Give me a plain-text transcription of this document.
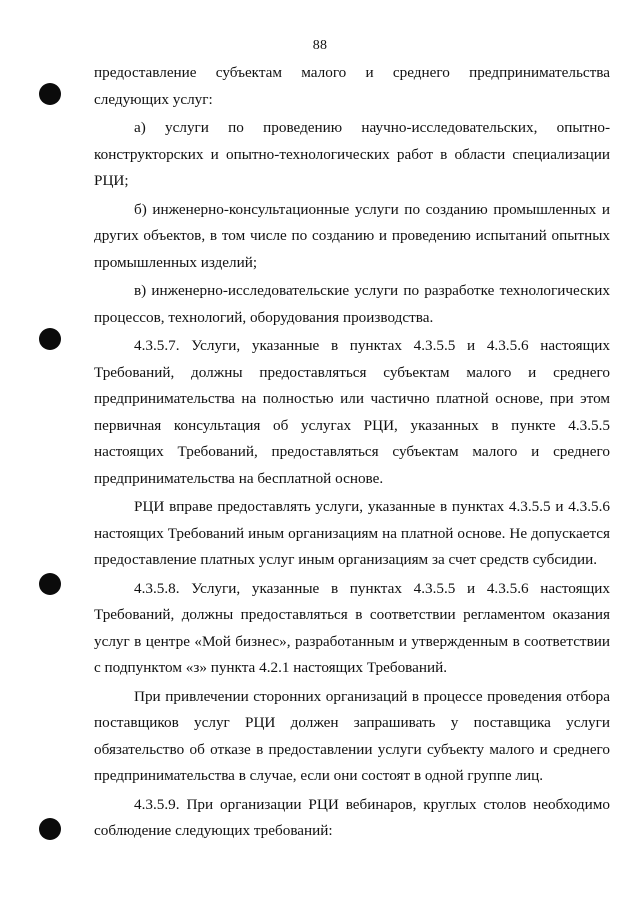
88

предоставление субъектам малого и среднего предпринимательства следующих услуг:

а) услуги по проведению научно-исследовательских, опытно-конструкторских и опытно-технологических работ в области специализации РЦИ;

б) инженерно-консультационные услуги по созданию промышленных и других объектов, в том числе по созданию и проведению испытаний опытных промышленных изделий;

в) инженерно-исследовательские услуги по разработке технологических процессов, технологий, оборудования производства.

4.3.5.7. Услуги, указанные в пунктах 4.3.5.5 и 4.3.5.6 настоящих Требований, должны предоставляться субъектам малого и среднего предпринимательства на полностью или частично платной основе, при этом первичная консультация об услугах РЦИ, указанных в пункте 4.3.5.5 настоящих Требований, предоставляться субъектам малого и среднего предпринимательства на бесплатной основе.

РЦИ вправе предоставлять услуги, указанные в пунктах 4.3.5.5 и 4.3.5.6 настоящих Требований иным организациям на платной основе. Не допускается предоставление платных услуг иным организациям за счет средств субсидии.

4.3.5.8. Услуги, указанные в пунктах 4.3.5.5 и 4.3.5.6 настоящих Требований, должны предоставляться в соответствии регламентом оказания услуг в центре «Мой бизнес», разработанным и утвержденным в соответствии с подпунктом «з» пункта 4.2.1 настоящих Требований.

При привлечении сторонних организаций в процессе проведения отбора поставщиков услуг РЦИ должен запрашивать у поставщика услуги обязательство об отказе в предоставлении услуги субъекту малого и среднего предпринимательства в случае, если они состоят в одной группе лиц.

4.3.5.9. При организации РЦИ вебинаров, круглых столов необходимо соблюдение следующих требований:
